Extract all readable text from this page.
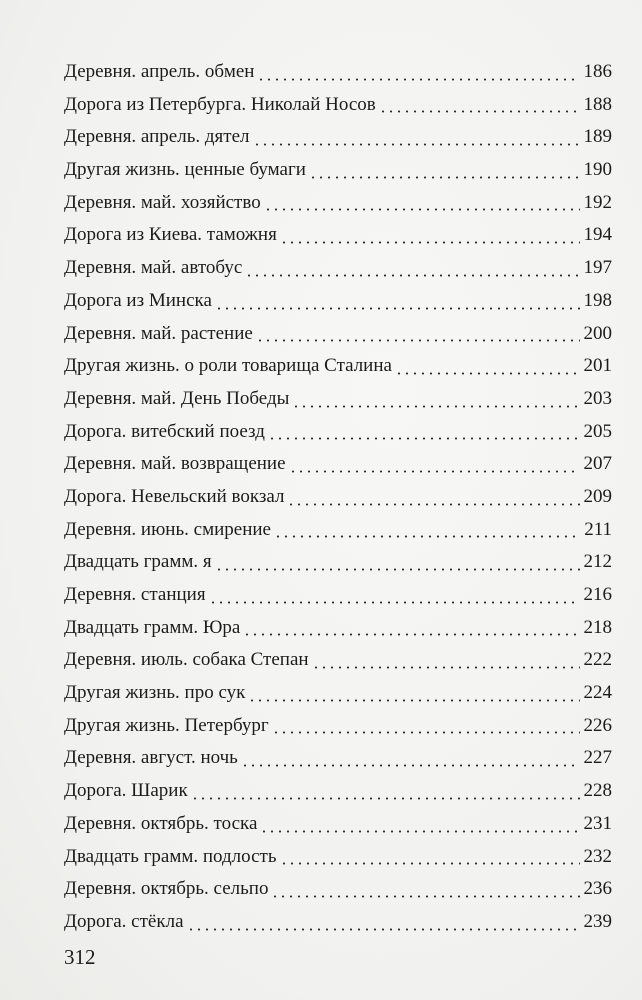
Деревня. апрель. обмен	186
Дорога из Петербурга. Николай Носов	188
Деревня. апрель. дятел	189
Другая жизнь. ценные бумаги	190
Деревня. май. хозяйство	192
Дорога из Киева. таможня	194
Деревня. май. автобус	197
Дорога из Минска	198
Деревня. май. растение	200
Другая жизнь. о роли товарища Сталина	201
Деревня. май. День Победы	203
Дорога. витебский поезд	205
Деревня. май. возвращение	207
Дорога. Невельский вокзал	209
Деревня. июнь. смирение	211
Двадцать грамм. я	212
Деревня. станция	216
Двадцать грамм. Юра	218
Деревня. июль. собака Степан	222
Другая жизнь. про сук	224
Другая жизнь. Петербург	226
Деревня. август. ночь	227
Дорога. Шарик	228
Деревня. октябрь. тоска	231
Двадцать грамм. подлость	232
Деревня. октябрь. сельпо	236
Дорога. стёкла	239
312
